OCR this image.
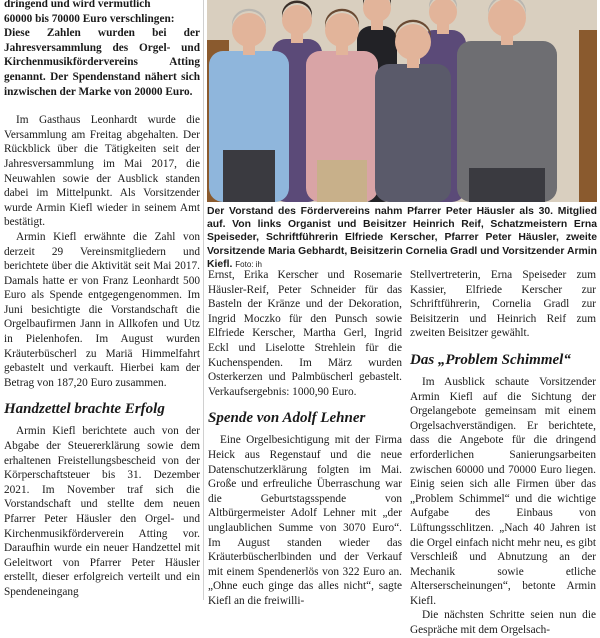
dringend und wird vermutlich

60000 bis 70000 Euro verschlingen:

Diese Zahlen wurden bei der Jahresversammlung des Orgel- und Kirchenmusikfördervereins Atting genannt. Der Spendenstand nähert sich inzwischen der Marke von 20000 Euro.

Im Gasthaus Leonhardt wurde die Versammlung am Freitag abgehalten. Der Rückblick über die Tätigkeiten seit der Jahresversammlung im Mai 2017, die Neuwahlen sowie der Ausblick standen dabei im Mittelpunkt. Als Vorsitzender wurde Armin Kiefl wieder in seinem Amt bestätigt.

Armin Kiefl erwähnte die Zahl von derzeit 29 Vereinsmitgliedern und berichtete über die Aktivität seit Mai 2017. Damals hatte er von Franz Leonhardt 500 Euro als Spende entgegengenommen. Im Juni besichtigte die Vorstandschaft die Orgelbaufirmen Jann in Allkofen und Utz in Pielenhofen. Im August wurden Kräuterbüscherl zu Mariä Himmelfahrt gebastelt und verkauft. Hierbei kam der Betrag von 187,20 Euro zusammen.

Handzettel brachte Erfolg

Armin Kiefl berichtete auch von der Abgabe der Steuererklärung sowie dem erhaltenen Freistellungsbescheid von der Körperschaftsteuer bis 31. Dezember 2021. Im November traf sich die Vorstandschaft und stellte dem neuen Pfarrer Peter Häusler den Orgel- und Kirchenmusikförderverein Atting vor. Daraufhin wurde ein neuer Handzettel mit Geleitwort von Pfarrer Peter Häusler erstellt, dieser erfolgreich verteilt und ein Spendeneingang

Der Vorstand des Fördervereins nahm Pfarrer Peter Häusler als 30. Mitglied auf. Von links Organist und Beisitzer Heinrich Reif, Schatzmeistern Erna Speiseder, Schriftführerin Elfriede Kerscher, Pfarrer Peter Häusler, zweite Vorsitzende Maria Gebhardt, Beisitzerin Cornelia Gradl und Vorsitzender Armin Kiefl. Foto: ih

Ernst, Erika Kerscher und Rosemarie Häusler-Reif, Peter Schneider für das Basteln der Kränze und der Dekoration, Ingrid Moczko für den Punsch sowie Elfriede Kerscher, Martha Gerl, Ingrid Eckl und Liselotte Strehlein für die Kuchenspenden. Im März wurden Osterkerzen und Palmbüscherl gebastelt. Verkaufsergebnis: 1000,90 Euro.

Spende von Adolf Lehner

Eine Orgelbesichtigung mit der Firma Heick aus Regenstauf und die neue Datenschutzerklärung folgten im Mai. Große und erfreuliche Überraschung war die Geburtstagsspende von Altbürgermeister Adolf Lehner mit „der unglaublichen Summe von 3070 Euro“. Im August standen wieder das Kräuterbüscherlbinden und der Verkauf mit einem Spendenerlös von 322 Euro an. „Ohne euch ginge das alles nicht“, sagte Kiefl an die freiwilli-

Stellvertreterin, Erna Speiseder zum Kassier, Elfriede Kerscher zur Schriftführerin, Cornelia Gradl zur Beisitzerin und Heinrich Reif zum zweiten Beisitzer gewählt.

Das „Problem Schimmel“

Im Ausblick schaute Vorsitzender Armin Kiefl auf die Sichtung der Orgelangebote gemeinsam mit einem Orgelsachverständigen. Er berichtete, dass die Angebote für die dringend erforderlichen Sanierungsarbeiten zwischen 60000 und 70000 Euro liegen. Einig seien sich alle Firmen über das „Problem Schimmel“ und die wichtige Aufgabe des Einbaus von Lüftungsschlitzen. „Nach 40 Jahren ist die Orgel einfach nicht mehr neu, es gibt Verschleiß und Abnutzung an der Mechanik sowie etliche Alterserscheinungen“, betonte Armin Kiefl.

Die nächsten Schritte seien nun die Gespräche mit dem Orgelsach-
